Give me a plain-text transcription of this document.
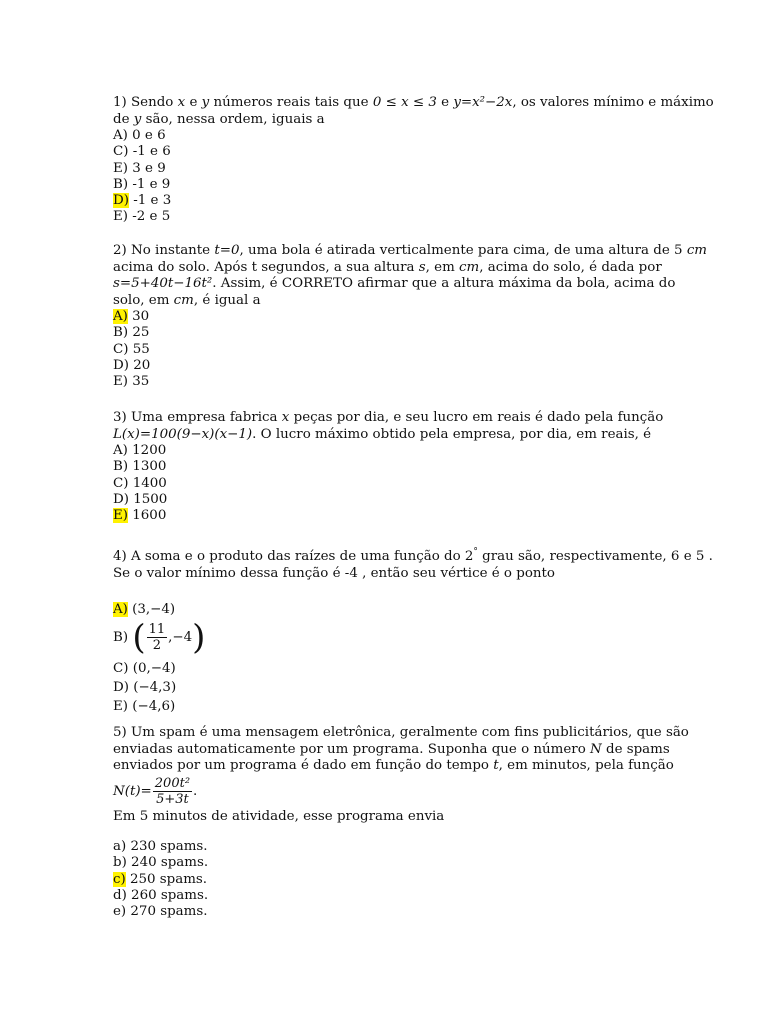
1) Sendo x e y números reais tais que 0 ≤ x ≤ 3 e y=x²−2x, os valores mínimo e máximo
de y são, nessa ordem, iguais a
A) 0 e 6
C) -1 e 6
E) 3 e 9
B) -1 e 9
D) -1 e 3
E) -2 e 5
2) No instante t=0, uma bola é atirada verticalmente para cima, de uma altura de 5 cm
acima do solo. Após t segundos, a sua altura s, em cm, acima do solo, é dada por
s=5+40t−16t². Assim, é CORRETO afirmar que a altura máxima da bola, acima do
solo, em cm, é igual a
A) 30
B) 25
C) 55
D) 20
E) 35
3) Uma empresa fabrica x peças por dia, e seu lucro em reais é dado pela função
L(x)=100(9−x)(x−1). O lucro máximo obtido pela empresa, por dia, em reais, é
A) 1200
B) 1300
C) 1400
D) 1500
E) 1600
4) A soma e o produto das raízes de uma função do 2° grau são, respectivamente, 6 e 5 .
Se o valor mínimo dessa função é -4 , então seu vértice é o ponto
A) (3,−4)
B) ( $\frac{11}{2} ,-4$)
C) (0,−4)
D) (−4,3)
E) (−4,6)
5) Um spam é uma mensagem eletrônica, geralmente com fins publicitários, que são
enviadas automaticamente por um programa. Suponha que o número N de spams
enviados por um programa é dado em função do tempo t, em minutos, pela função
$N(t)= \frac{\text{200t²}}{5+3t}$ .
Em 5 minutos de atividade, esse programa envia
a) 230 spams.
b) 240 spams.
c) 250 spams.
d) 260 spams.
e) 270 spams.
